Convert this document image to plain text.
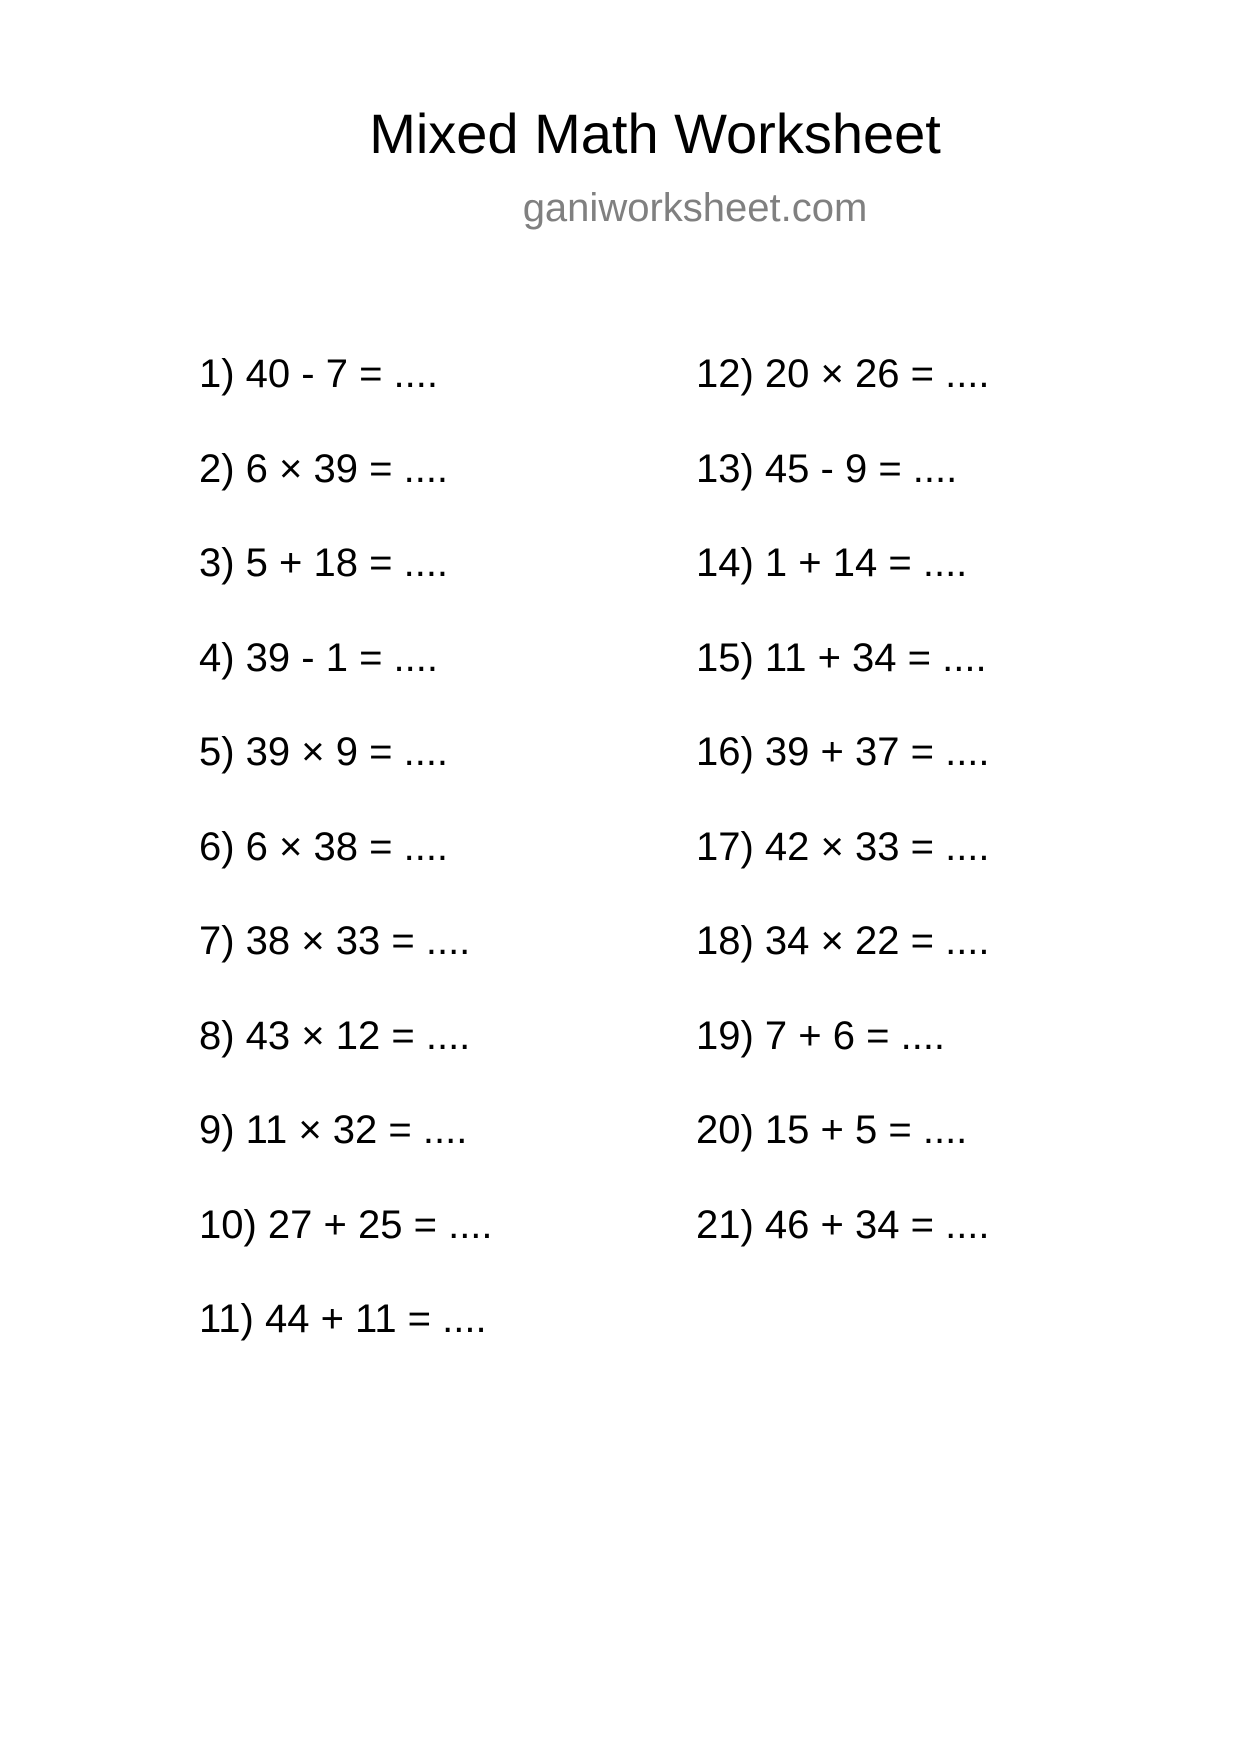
Mixed Math Worksheet
ganiworksheet.com
1) 40 - 7 = ....
2) 6 × 39 = ....
3) 5 + 18 = ....
4) 39 - 1 = ....
5) 39 × 9 = ....
6) 6 × 38 = ....
7) 38 × 33 = ....
8) 43 × 12 = ....
9) 11 × 32 = ....
10) 27 + 25 = ....
11) 44 + 11 = ....
12) 20 × 26 = ....
13) 45 - 9 = ....
14) 1 + 14 = ....
15) 11 + 34 = ....
16) 39 + 37 = ....
17) 42 × 33 = ....
18) 34 × 22 = ....
19) 7 + 6 = ....
20) 15 + 5 = ....
21) 46 + 34 = ....
